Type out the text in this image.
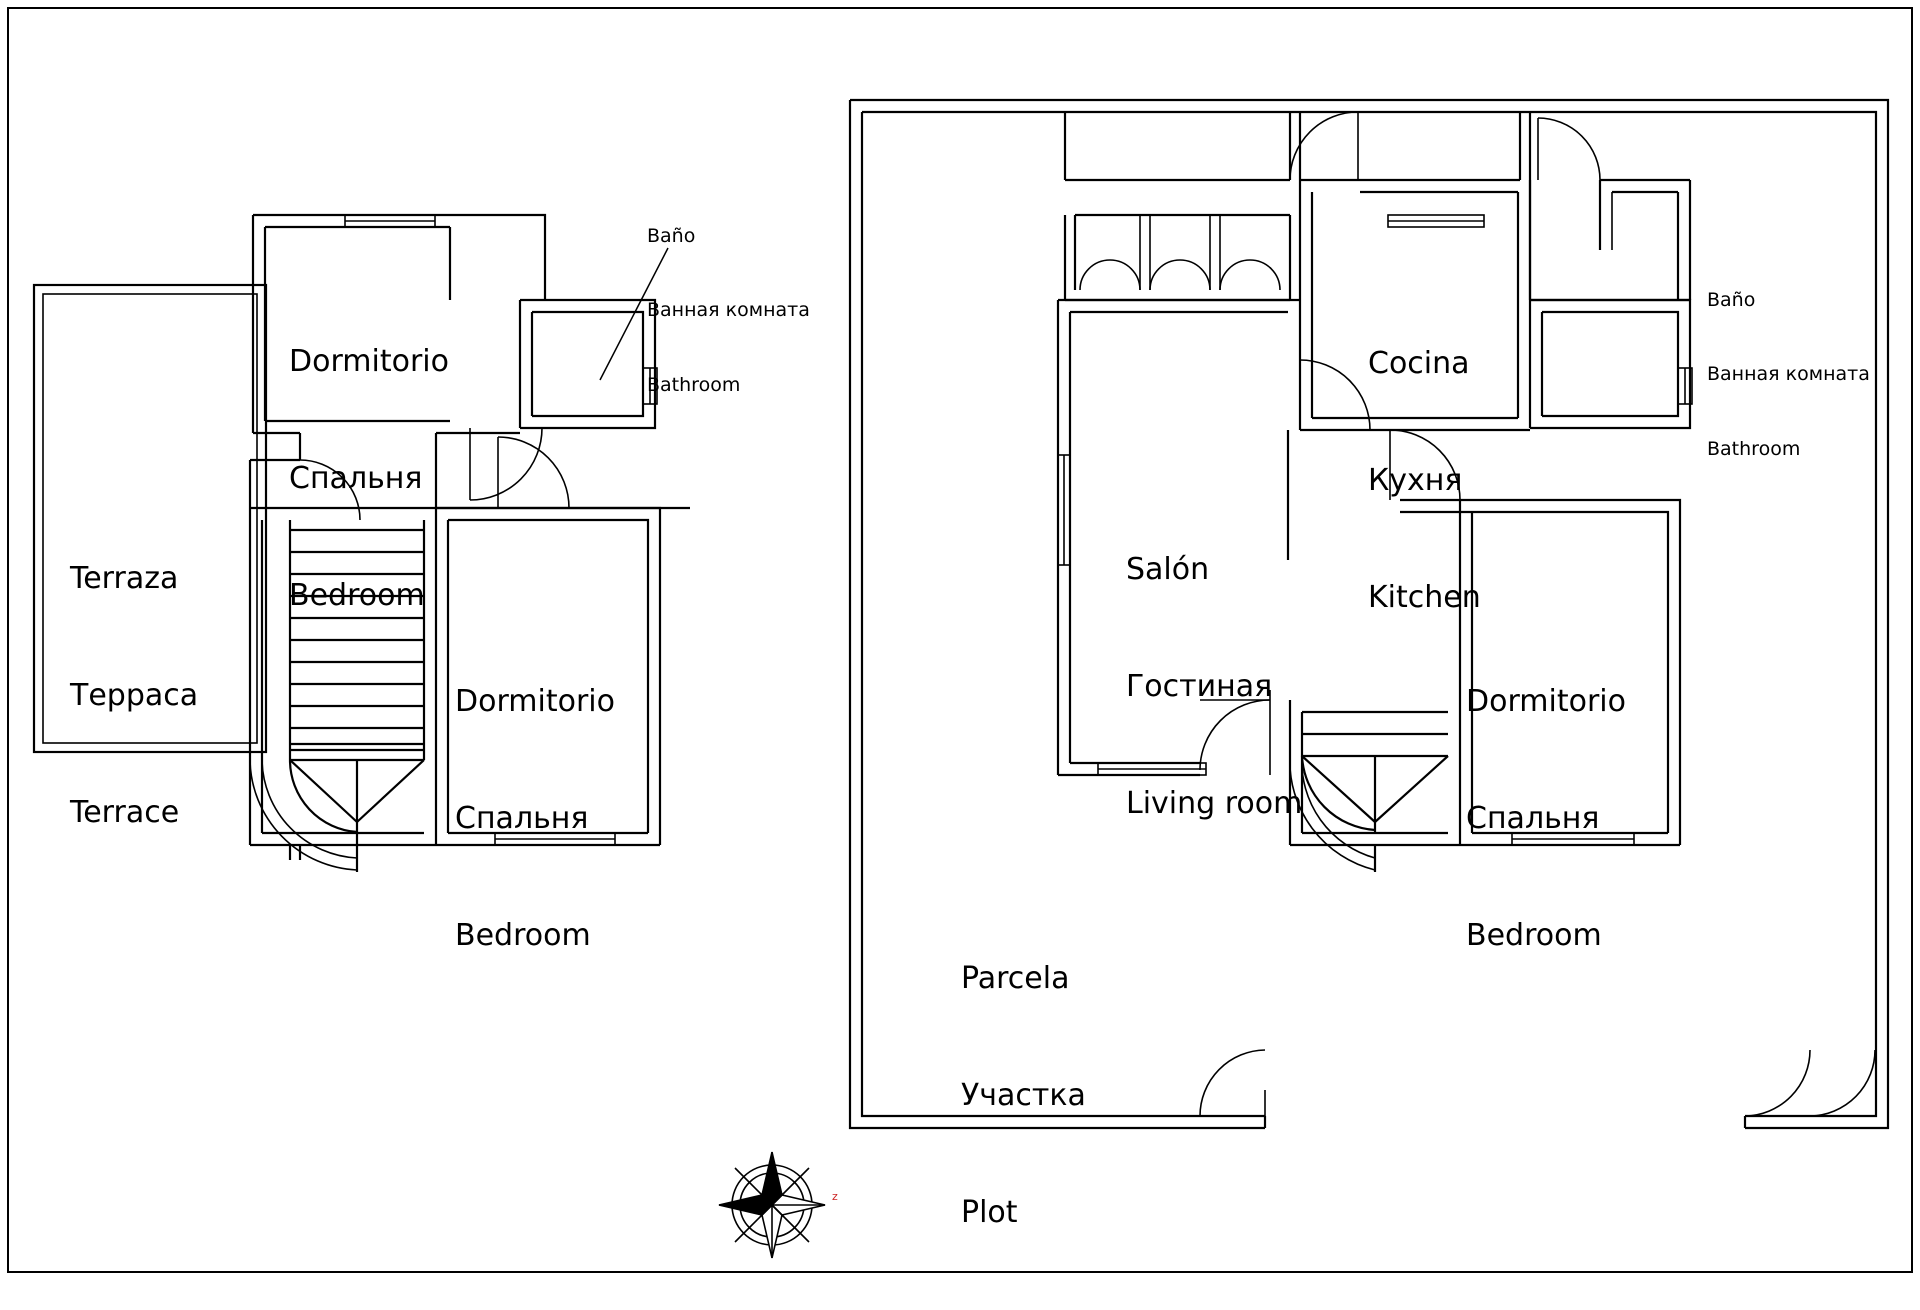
Terraza

Терраса

Terrace

Dormitorio

Спальня

Bedroom

Dormitorio

Спальня

Bedroom

Baño

Ванная комната

Bathroom

Cocina

Кухня

Kitchen

Salón

Гостиная

Living room

Dormitorio

Спальня

Bedroom

Parcela

Участка

Plot

Baño

Ванная комната

Bathroom

z
